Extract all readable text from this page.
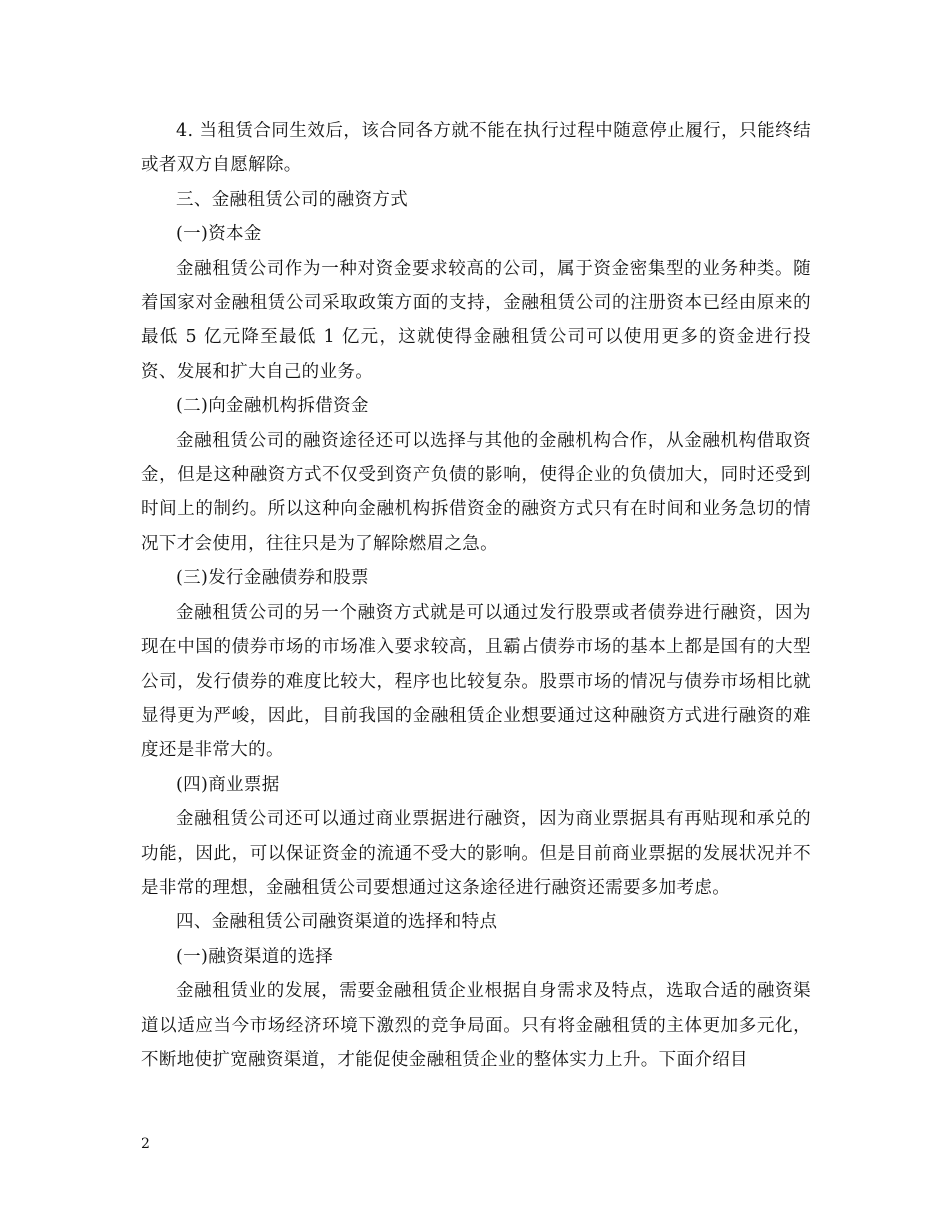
4. 当租赁合同生效后，该合同各方就不能在执行过程中随意停止履行，只能终结或者双方自愿解除。

三、金融租赁公司的融资方式

(一)资本金

金融租赁公司作为一种对资金要求较高的公司，属于资金密集型的业务种类。随着国家对金融租赁公司采取政策方面的支持，金融租赁公司的注册资本已经由原来的最低 5 亿元降至最低 1 亿元，这就使得金融租赁公司可以使用更多的资金进行投资、发展和扩大自己的业务。

(二)向金融机构拆借资金

金融租赁公司的融资途径还可以选择与其他的金融机构合作，从金融机构借取资金，但是这种融资方式不仅受到资产负债的影响，使得企业的负债加大，同时还受到时间上的制约。所以这种向金融机构拆借资金的融资方式只有在时间和业务急切的情况下才会使用，往往只是为了解除燃眉之急。

(三)发行金融债券和股票

金融租赁公司的另一个融资方式就是可以通过发行股票或者债券进行融资，因为现在中国的债券市场的市场准入要求较高，且霸占债券市场的基本上都是国有的大型公司，发行债券的难度比较大，程序也比较复杂。股票市场的情况与债券市场相比就显得更为严峻，因此，目前我国的金融租赁企业想要通过这种融资方式进行融资的难度还是非常大的。

(四)商业票据

金融租赁公司还可以通过商业票据进行融资，因为商业票据具有再贴现和承兑的功能，因此，可以保证资金的流通不受大的影响。但是目前商业票据的发展状况并不是非常的理想，金融租赁公司要想通过这条途径进行融资还需要多加考虑。

四、金融租赁公司融资渠道的选择和特点

(一)融资渠道的选择

金融租赁业的发展，需要金融租赁企业根据自身需求及特点，选取合适的融资渠道以适应当今市场经济环境下激烈的竞争局面。只有将金融租赁的主体更加多元化，不断地使扩宽融资渠道，才能促使金融租赁企业的整体实力上升。下面介绍目

2
